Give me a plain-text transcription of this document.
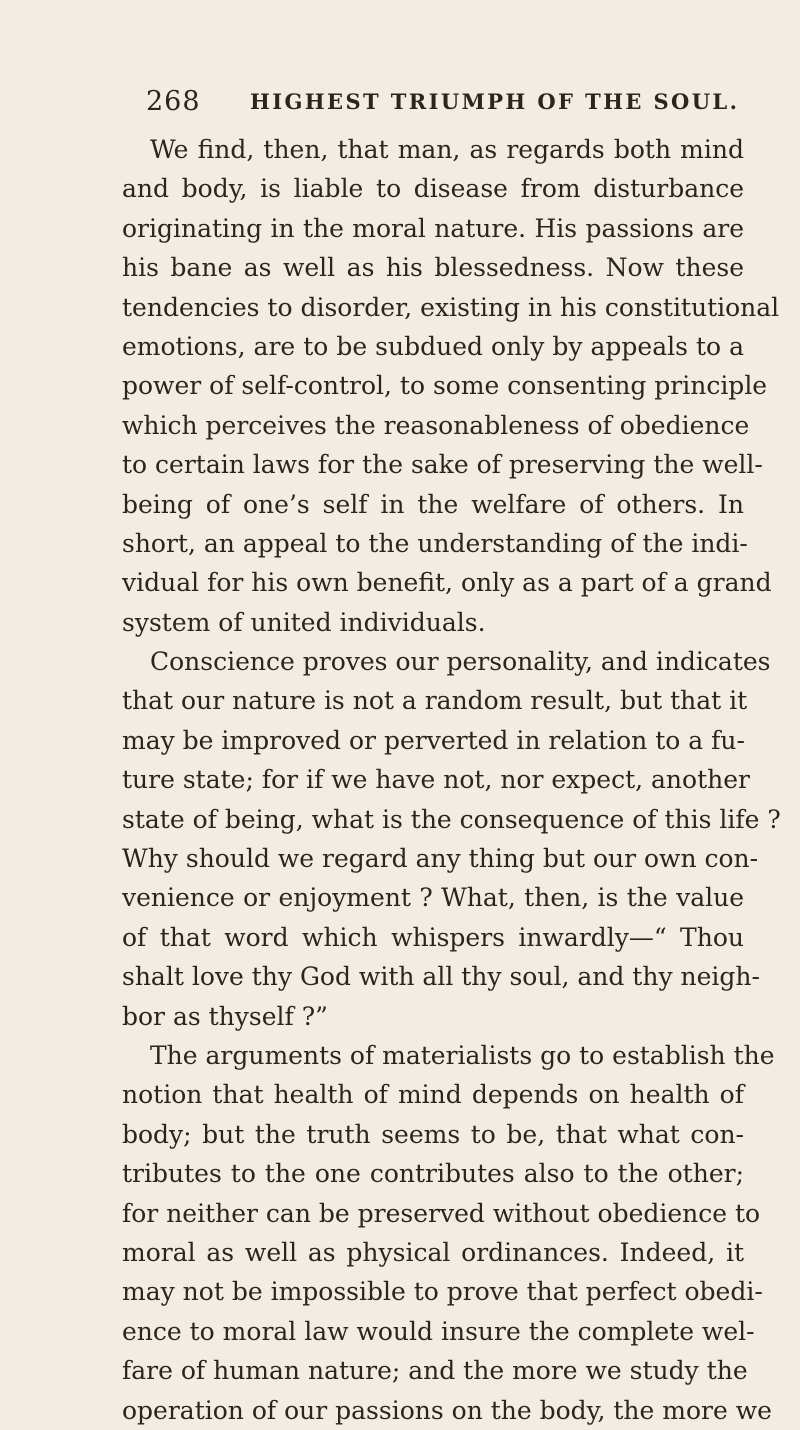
268 HIGHEST TRIUMPH OF THE SOUL.
We find, then, that man, as regards both mind
and body, is liable to disease from disturbance
originating in the moral nature. His passions are
his bane as well as his blessedness. Now these
tendencies to disorder, existing in his constitutional
emotions, are to be subdued only by appeals to a
power of self-control, to some consenting principle
which perceives the reasonableness of obedience
to certain laws for the sake of preserving the well-
being of one’s self in the welfare of others. In
short, an appeal to the understanding of the indi-
vidual for his own benefit, only as a part of a grand
system of united individuals.
Conscience proves our personality, and indicates
that our nature is not a random result, but that it
may be improved or perverted in relation to a fu-
ture state; for if we have not, nor expect, another
state of being, what is the consequence of this life ?
Why should we regard any thing but our own con-
venience or enjoyment ? What, then, is the value
of that word which whispers inwardly—“ Thou
shalt love thy God with all thy soul, and thy neigh-
bor as thyself ?”
The arguments of materialists go to establish the
notion that health of mind depends on health of
body; but the truth seems to be, that what con-
tributes to the one contributes also to the other;
for neither can be preserved without obedience to
moral as well as physical ordinances. Indeed, it
may not be impossible to prove that perfect obedi-
ence to moral law would insure the complete wel-
fare of human nature; and the more we study the
operation of our passions on the body, the more we
